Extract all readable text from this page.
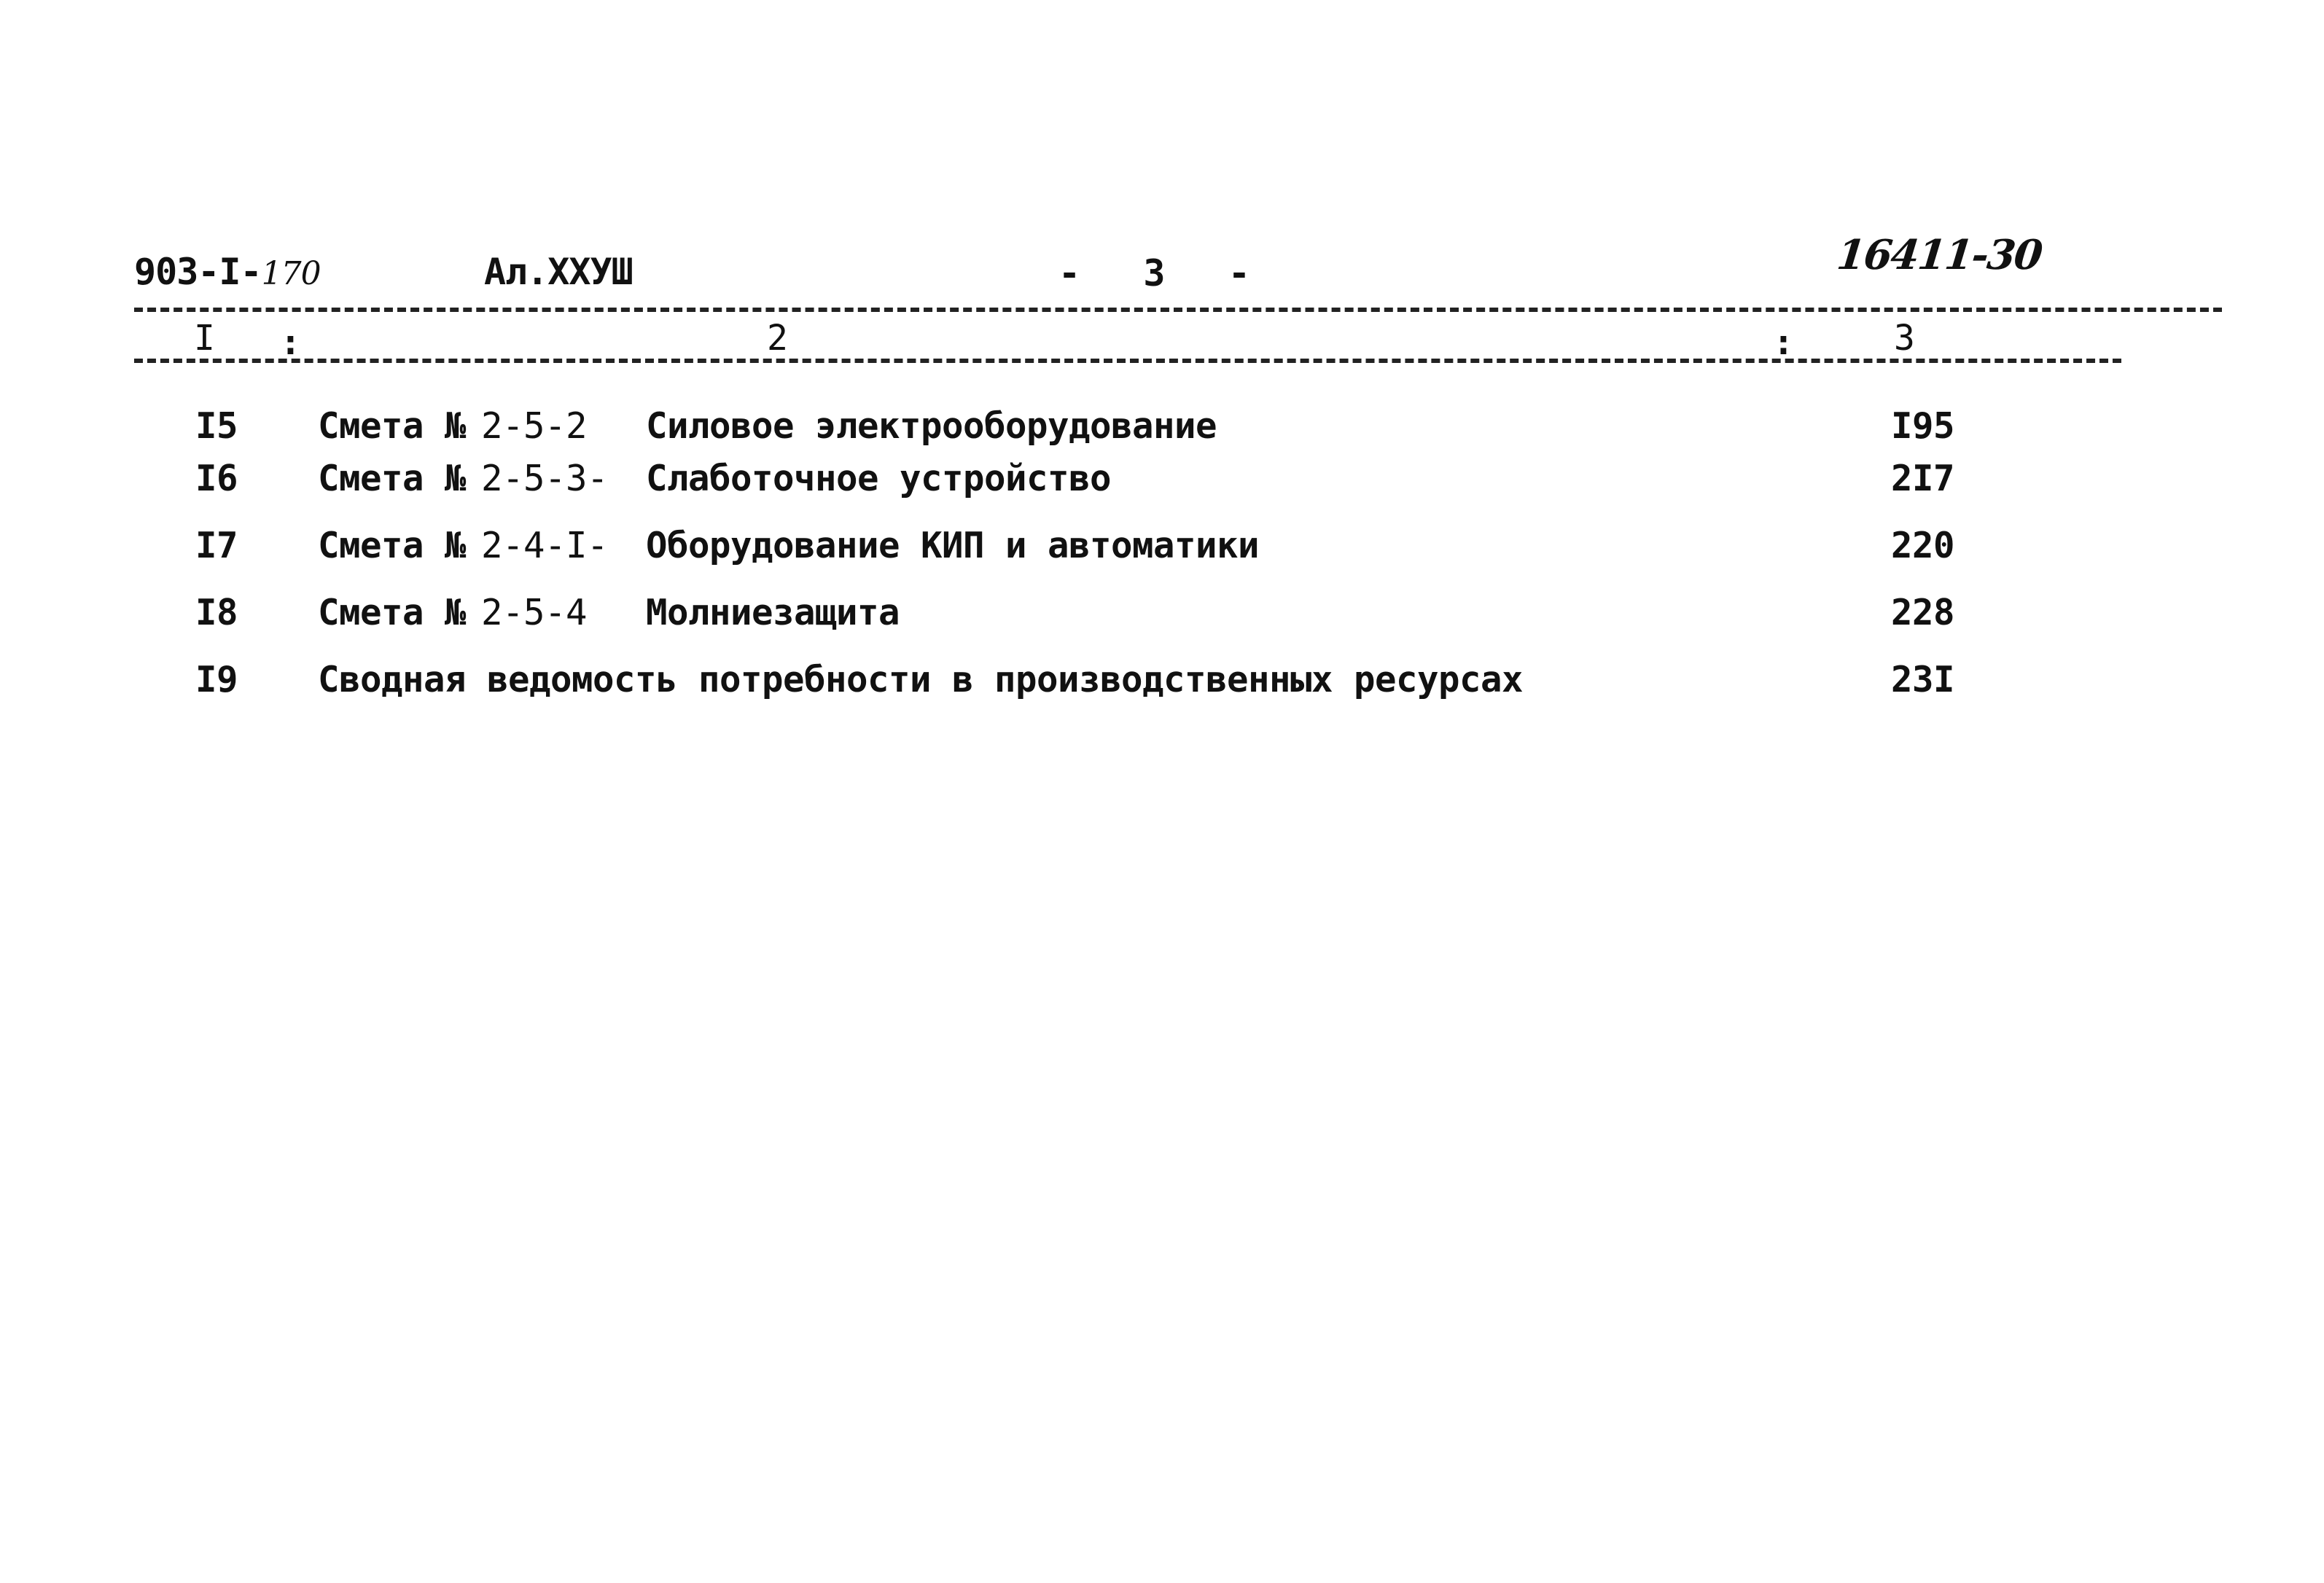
903-I-170	Ал.XXУШ	-   3   -	16411-30
I :	2	:	3
I5 Смета № 2-5-2 Силовое электрооборудование	I95
I6 Смета № 2-5-3- Слаботочное устройство	2I7
I7 Смета № 2-4-I- Оборудование КИП и автоматики	220
I8 Смета № 2-5-4 Молниезащита	228
I9 Сводная ведомость потребности в производственных ресурсах	23I
